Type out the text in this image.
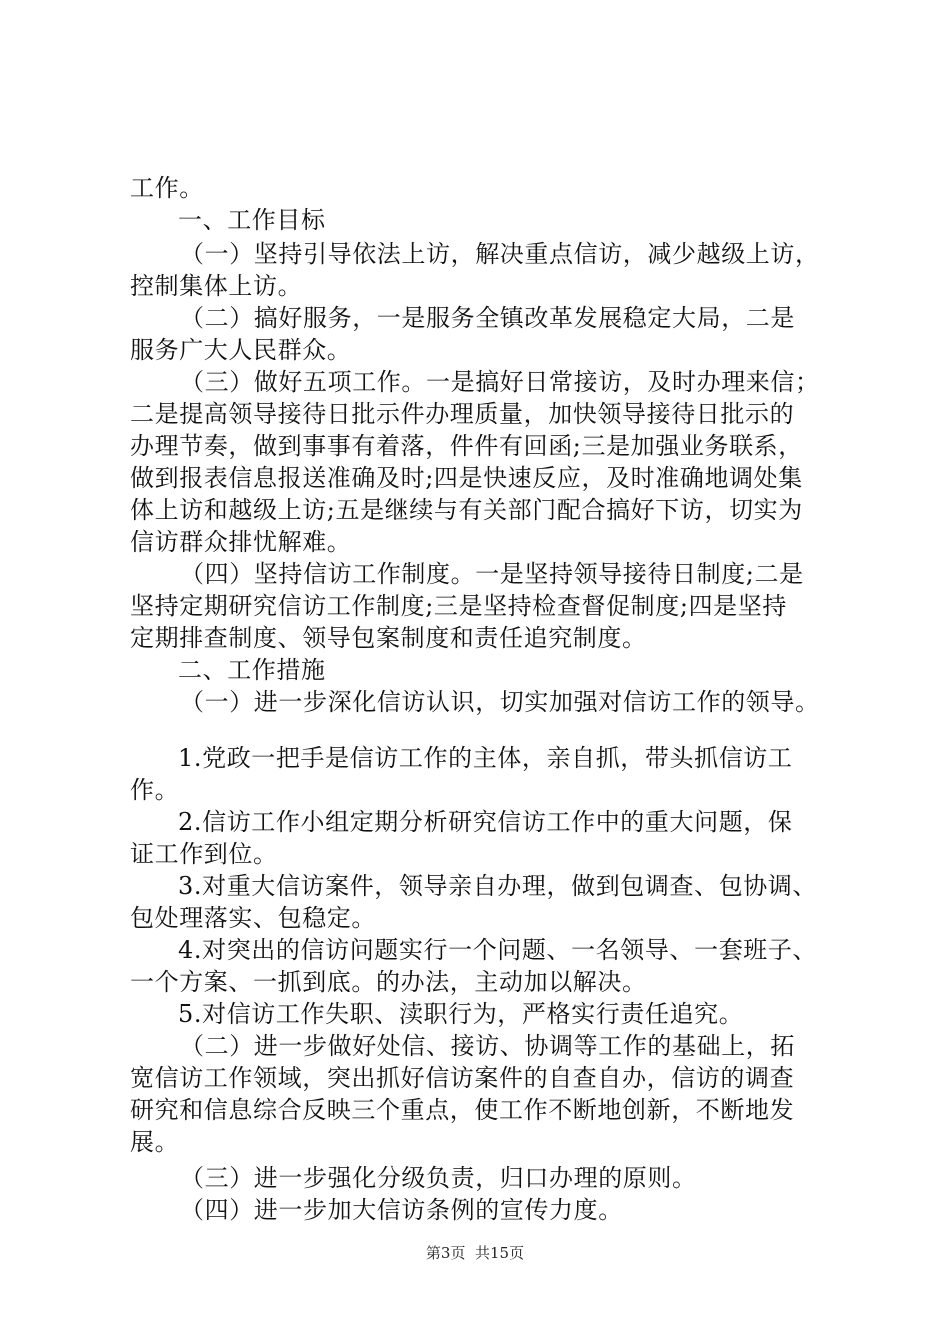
工作。
一、工作目标
（一）坚持引导依法上访，解决重点信访，减少越级上访，
控制集体上访。
（二）搞好服务，一是服务全镇改革发展稳定大局，二是
服务广大人民群众。
（三）做好五项工作。一是搞好日常接访，及时办理来信；
二是提高领导接待日批示件办理质量，加快领导接待日批示的
办理节奏，做到事事有着落，件件有回函;三是加强业务联系，
做到报表信息报送准确及时;四是快速反应，及时准确地调处集
体上访和越级上访;五是继续与有关部门配合搞好下访，切实为
信访群众排忧解难。
（四）坚持信访工作制度。一是坚持领导接待日制度;二是
坚持定期研究信访工作制度;三是坚持检查督促制度;四是坚持
定期排查制度、领导包案制度和责任追究制度。
二、工作措施
（一）进一步深化信访认识，切实加强对信访工作的领导。
1.党政一把手是信访工作的主体，亲自抓，带头抓信访工
作。
2.信访工作小组定期分析研究信访工作中的重大问题，保
证工作到位。
3.对重大信访案件，领导亲自办理，做到包调查、包协调、
包处理落实、包稳定。
4.对突出的信访问题实行一个问题、一名领导、一套班子、
一个方案、一抓到底。的办法，主动加以解决。
5.对信访工作失职、渎职行为，严格实行责任追究。
（二）进一步做好处信、接访、协调等工作的基础上，拓
宽信访工作领域，突出抓好信访案件的自查自办，信访的调查
研究和信息综合反映三个重点，使工作不断地创新，不断地发
展。
（三）进一步强化分级负责，归口办理的原则。
（四）进一步加大信访条例的宣传力度。
第3页  共15页
